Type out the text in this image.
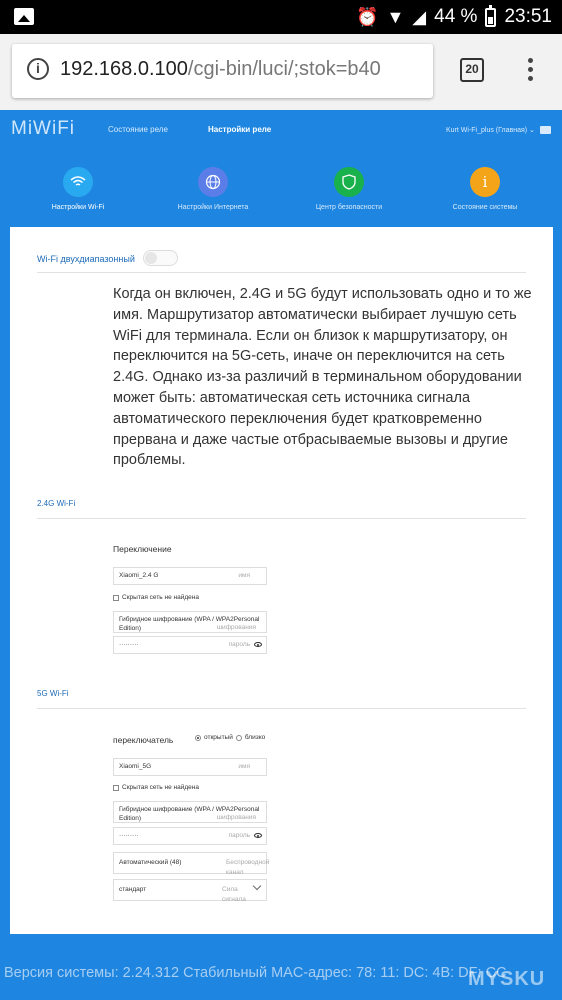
⏰ ▼ ◢ 44 % 23:51
i	192.168.0.100/cgi-bin/luci/;stok=b40	20
MiWiFi	Состояние реле	Настройки реле	Kurt Wi-Fi_plus (Главная) ⌄
Настройки Wi-Fi	Настройки Интернета	Центр безопасности
i
Состояние системы
Wi-Fi двухдиапазонный
Когда он включен, 2.4G и 5G будут использовать одно и то же имя. Маршрутизатор автоматически выбирает лучшую сеть WiFi для терминала. Если он близок к маршрутизатору, он переключится на 5G-сеть, иначе он переключится на сеть 2.4G. Однако из-за различий в терминальном оборудовании может быть: автоматическая сеть источника сигнала автоматического переключения будет кратковременно прервана и даже частые отбрасываемые вызовы и другие проблемы.
2.4G Wi-Fi
Переключение
Xiaomi_2.4 G	имя
Скрытая сеть не найдена
Гибридное шифрование (WPA / WPA2Personal Edition)	шифрования
·········	пароль
5G Wi-Fi
переключатель	открытый близко
Xiaomi_5G	имя
Скрытая сеть не найдена
Гибридное шифрование (WPA / WPA2Personal Edition)	шифрования
·········	пароль
Автоматический (48)	Беспроводной канал
стандарт	Сила сигнала
Версия системы: 2.24.312 Стабильный MAC-адрес: 78: 11: DC: 4B: DF: CC
MYSKU
